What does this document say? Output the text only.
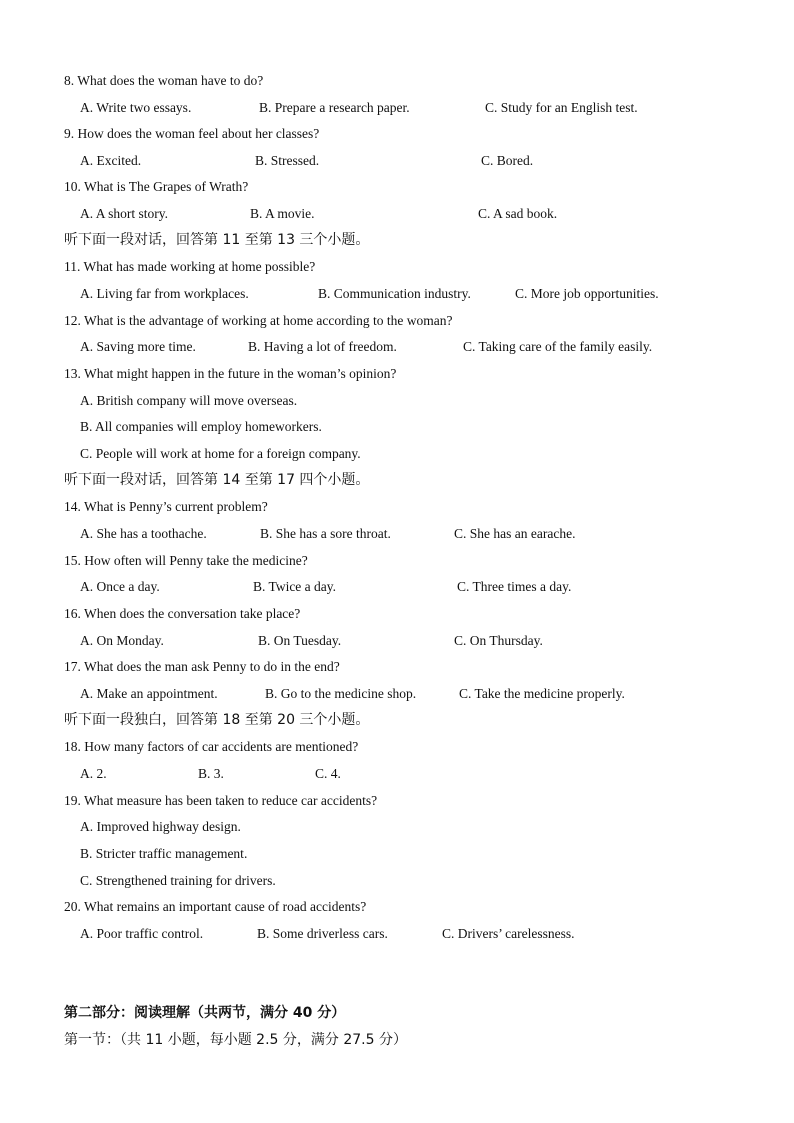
8. What does the woman have to do?
A. Write two essays.	B. Prepare a research paper.	C. Study for an English test.
9. How does the woman feel about her classes?
A. Excited.	B. Stressed.	C. Bored.
10. What is The Grapes of Wrath?
A. A short story.	B. A movie.	C. A sad book.
听下面一段对话，回答第 11 至第 13 三个小题。
11. What has made working at home possible?
A. Living far from workplaces.	B. Communication industry.	C. More job opportunities.
12. What is the advantage of working at home according to the woman?
A. Saving more time.	B. Having a lot of freedom.	C. Taking care of the family easily.
13. What might happen in the future in the woman’s opinion?
A. British company will move overseas.
B. All companies will employ homeworkers.
C. People will work at home for a foreign company.
听下面一段对话，回答第 14 至第 17 四个小题。
14. What is Penny’s current problem?
A. She has a toothache.	B. She has a sore throat.	C. She has an earache.
15. How often will Penny take the medicine?
A. Once a day.	B. Twice a day.	C. Three times a day.
16. When does the conversation take place?
A. On Monday.	B. On Tuesday.	C. On Thursday.
17. What does the man ask Penny to do in the end?
A. Make an appointment.	B. Go to the medicine shop.	C. Take the medicine properly.
听下面一段独白，回答第 18 至第 20 三个小题。
18. How many factors of car accidents are mentioned?
A. 2.	B. 3.	C. 4.
19. What measure has been taken to reduce car accidents?
A. Improved highway design.
B. Stricter traffic management.
C. Strengthened training for drivers.
20. What remains an important cause of road accidents?
A. Poor traffic control.	B. Some driverless cars.	C. Drivers’ carelessness.
第二部分：阅读理解（共两节，满分 40 分）
第一节：（共 11 小题，每小题 2.5 分，满分 27.5 分）
